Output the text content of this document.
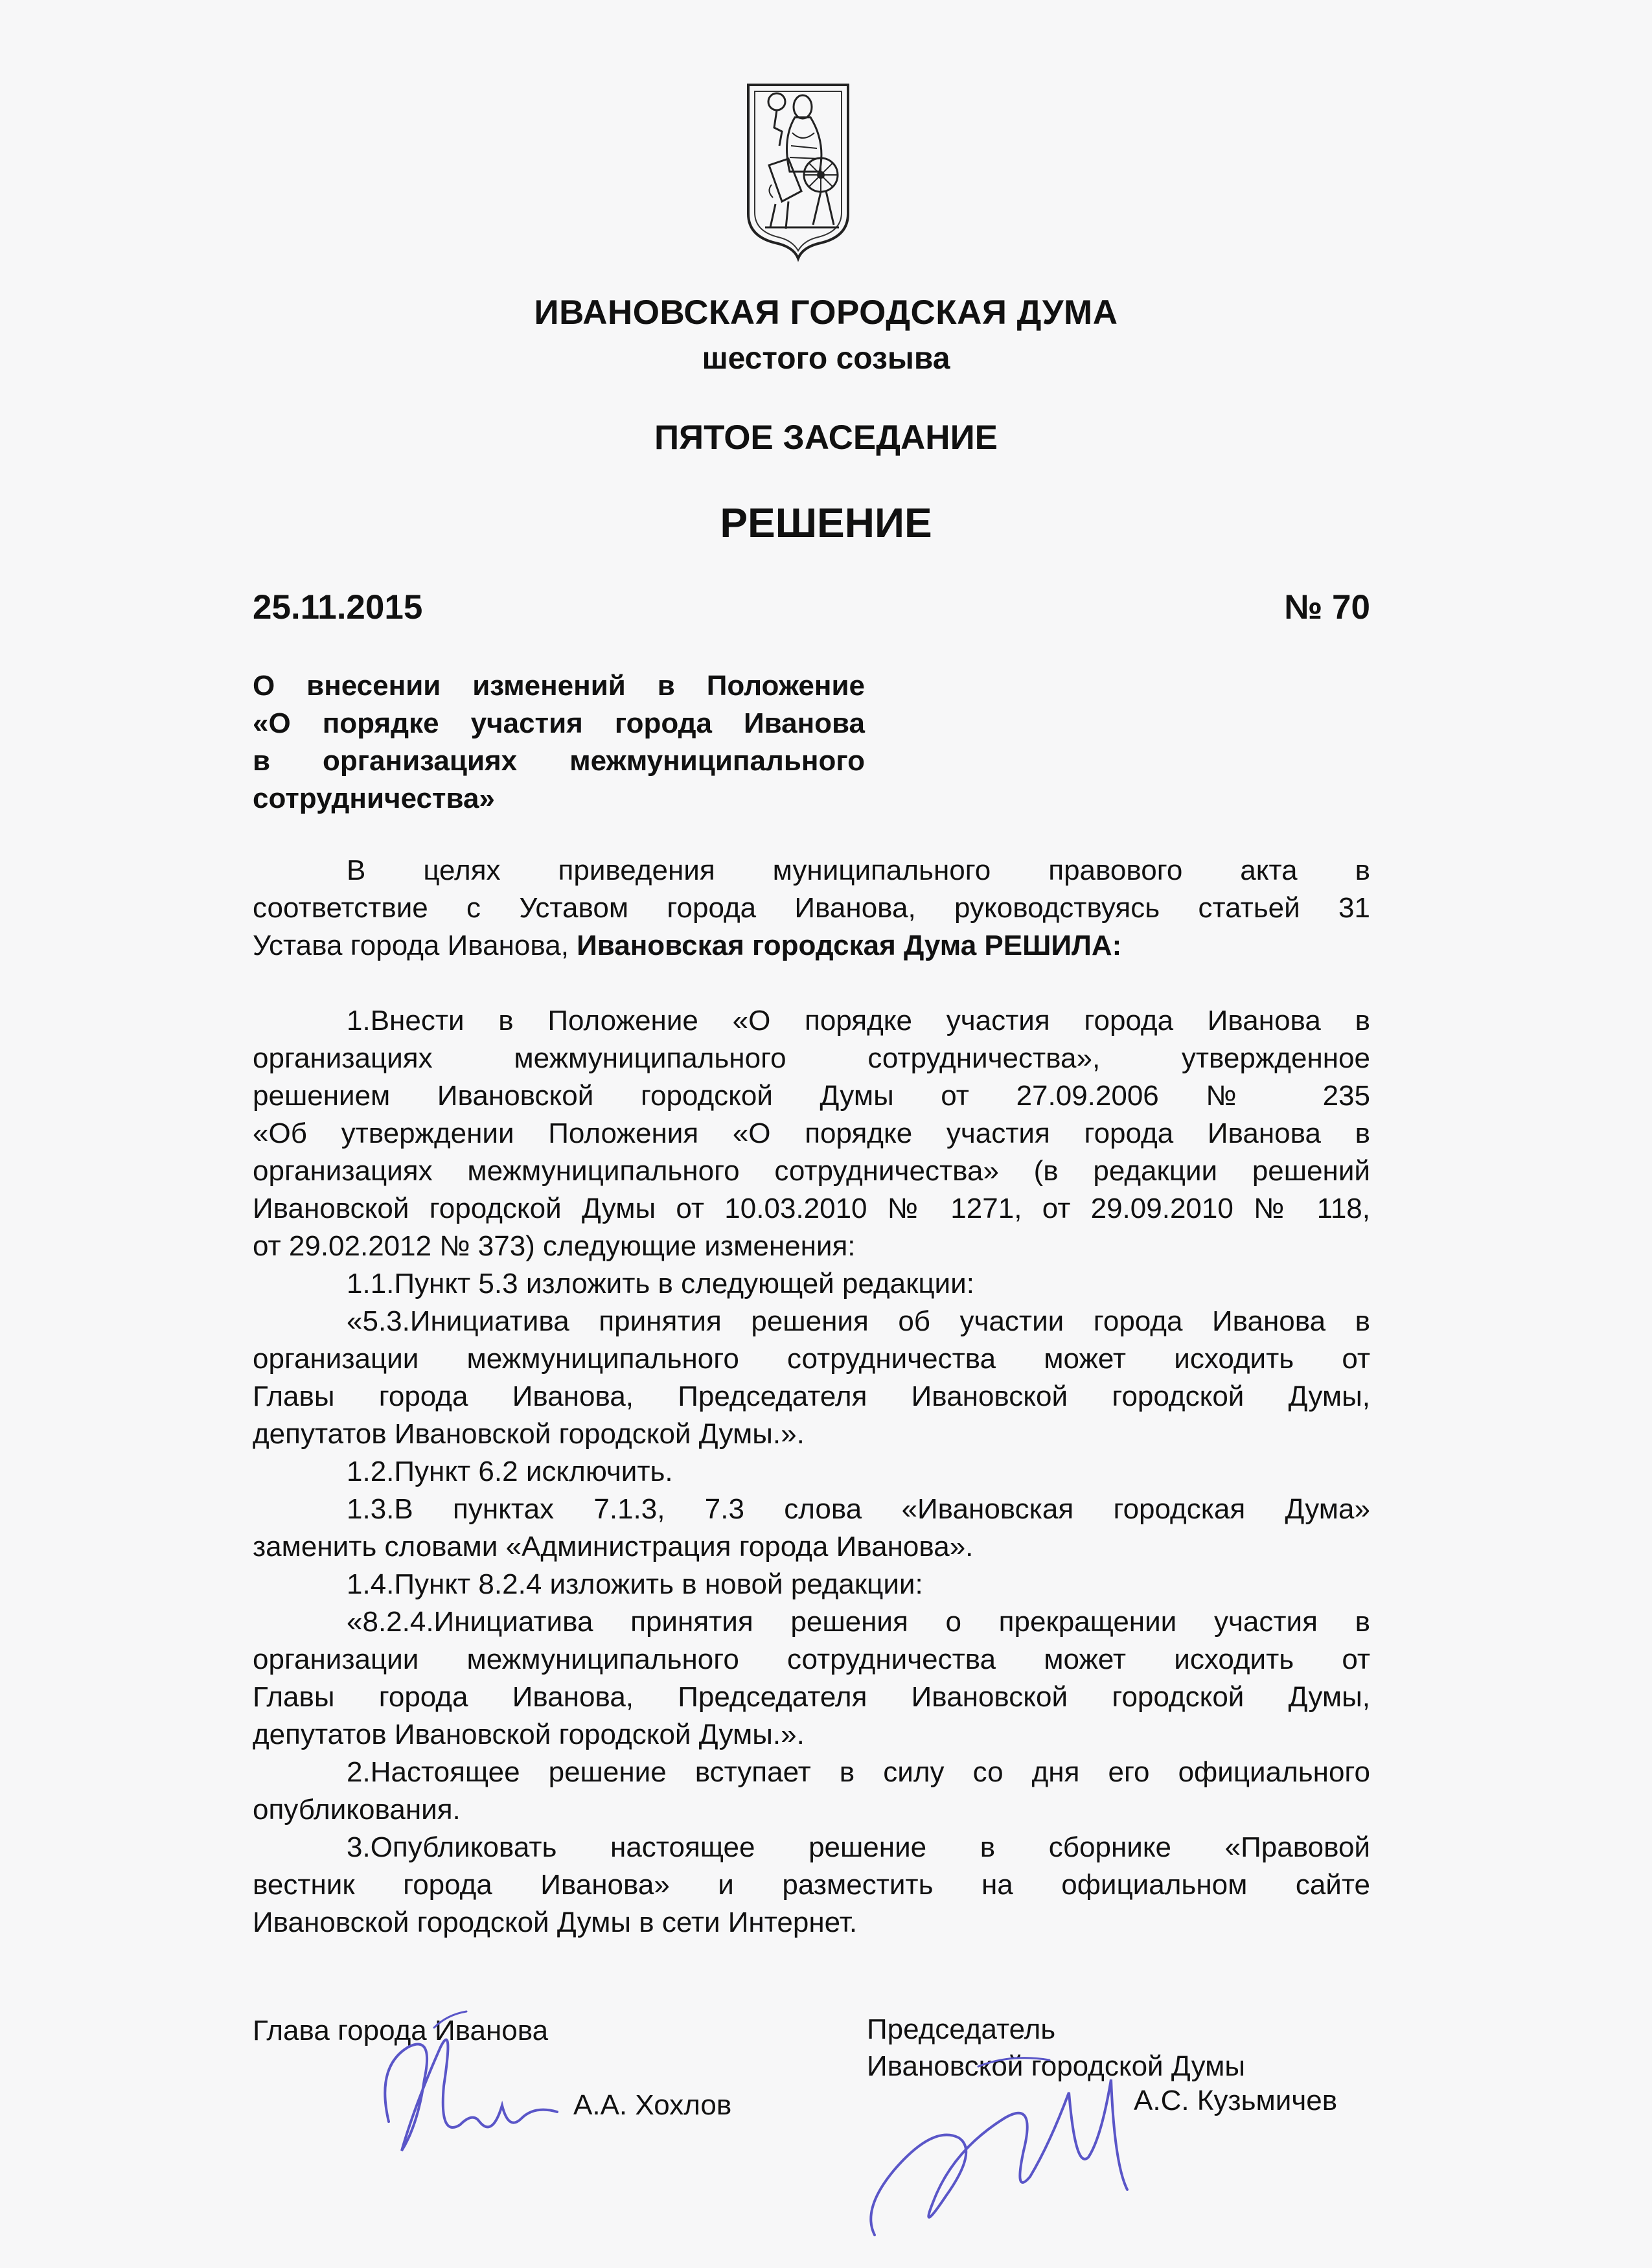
ИВАНОВСКАЯ ГОРОДСКАЯ ДУМА
шестого созыва
ПЯТОЕ ЗАСЕДАНИЕ
РЕШЕНИЕ
25.11.2015	№ 70
О внесении изменений в Положение
«О порядке участия города Иванова
в организациях межмуниципального
сотрудничества»
В целях приведения муниципального правового акта в
соответствие с Уставом города Иванова, руководствуясь статьей 31
Устава города Иванова, Ивановская городская Дума РЕШИЛА:
1.Внести в Положение «О порядке участия города Иванова в
организациях межмуниципального сотрудничества», утвержденное
решением Ивановской городской Думы от 27.09.2006 № 235
«Об утверждении Положения «О порядке участия города Иванова в
организациях межмуниципального сотрудничества» (в редакции решений
Ивановской городской Думы от 10.03.2010 № 1271, от 29.09.2010 № 118,
от 29.02.2012 № 373) следующие изменения:
1.1.Пункт 5.3 изложить в следующей редакции:
«5.3.Инициатива принятия решения об участии города Иванова в
организации межмуниципального сотрудничества может исходить от
Главы города Иванова, Председателя Ивановской городской Думы,
депутатов Ивановской городской Думы.».
1.2.Пункт 6.2 исключить.
1.3.В пунктах 7.1.3, 7.3 слова «Ивановская городская Дума»
заменить словами «Администрация города Иванова».
1.4.Пункт 8.2.4 изложить в новой редакции:
«8.2.4.Инициатива принятия решения о прекращении участия в
организации межмуниципального сотрудничества может исходить от
Главы города Иванова, Председателя Ивановской городской Думы,
депутатов Ивановской городской Думы.».
2.Настоящее решение вступает в силу со дня его официального
опубликования.
3.Опубликовать настоящее решение в сборнике «Правовой
вестник города Иванова» и разместить на официальном сайте
Ивановской городской Думы в сети Интернет.
Глава города Иванова
А.А. Хохлов
Председатель
Ивановской городской Думы
А.С. Кузьмичев
